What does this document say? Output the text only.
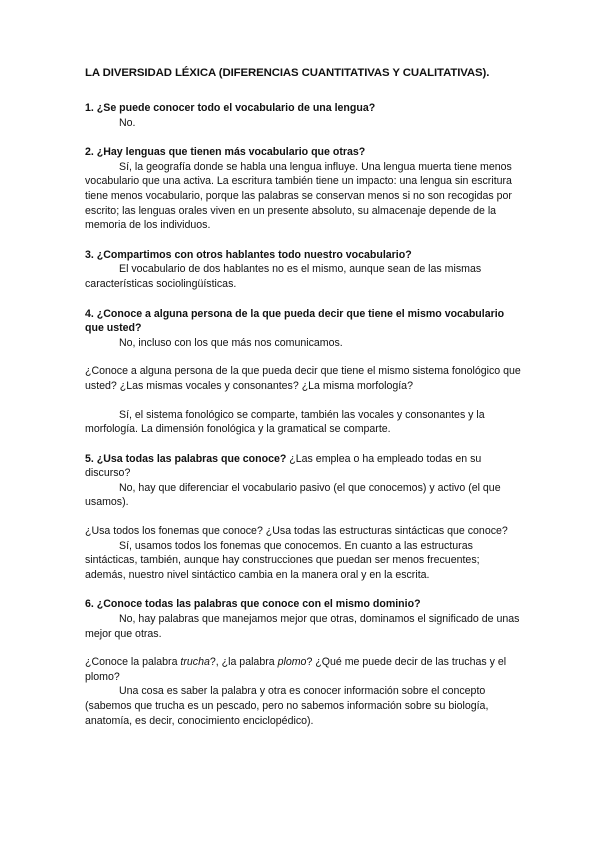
LA DIVERSIDAD LÉXICA (DIFERENCIAS CUANTITATIVAS Y CUALITATIVAS).

1. ¿Se puede conocer todo el vocabulario de una lengua?

No.

2. ¿Hay lenguas que tienen más vocabulario que otras?

Sí, la geografía donde se habla una lengua influye. Una lengua muerta tiene menos vocabulario que una activa. La escritura también tiene un impacto: una lengua sin escritura tiene menos vocabulario, porque las palabras se conservan menos si no son recogidas por escrito; las lenguas orales viven en un presente absoluto, su almacenaje depende de la memoria de los individuos.

3. ¿Compartimos con otros hablantes todo nuestro vocabulario?

El vocabulario de dos hablantes no es el mismo, aunque sean de las mismas características sociolingüísticas.

4. ¿Conoce a alguna persona de la que pueda decir que tiene el mismo vocabulario que usted?

No, incluso con los que más nos comunicamos.

¿Conoce a alguna persona de la que pueda decir que tiene el mismo sistema fonológico que usted? ¿Las mismas vocales y consonantes? ¿La misma morfología?

Sí, el sistema fonológico se comparte, también las vocales y consonantes y la morfología. La dimensión fonológica y la gramatical se comparte.

5. ¿Usa todas las palabras que conoce? ¿Las emplea o ha empleado todas en su discurso?

No, hay que diferenciar el vocabulario pasivo (el que conocemos) y activo (el que usamos).

¿Usa todos los fonemas que conoce? ¿Usa todas las estructuras sintácticas que conoce?

Sí, usamos todos los fonemas que conocemos. En cuanto a las estructuras sintácticas, también, aunque hay construcciones que puedan ser menos frecuentes; además, nuestro nivel sintáctico cambia en la manera oral y en la escrita.

6. ¿Conoce todas las palabras que conoce con el mismo dominio?

No, hay palabras que manejamos mejor que otras, dominamos el significado de unas mejor que otras.

¿Conoce la palabra trucha?, ¿la palabra plomo? ¿Qué me puede decir de las truchas y el plomo?

Una cosa es saber la palabra y otra es conocer información sobre el concepto (sabemos que trucha es un pescado, pero no sabemos información sobre su biología, anatomía, es decir, conocimiento enciclopédico).
